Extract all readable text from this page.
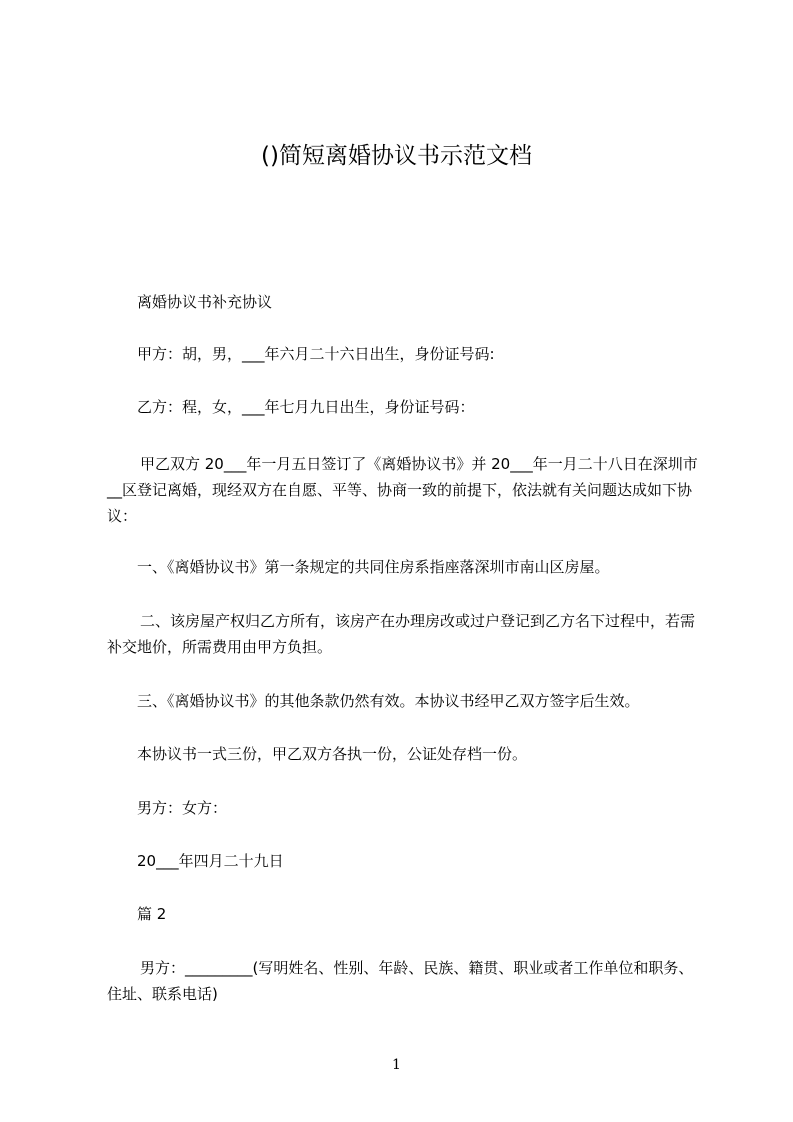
()简短离婚协议书示范文档
离婚协议书补充协议
甲方：胡，男，___年六月二十六日出生，身份证号码:
乙方：程，女，___年七月九日出生，身份证号码：
甲乙双方 20___年一月五日签订了《离婚协议书》并 20___年一月二十八日在深圳市__区登记离婚，现经双方在自愿、平等、协商一致的前提下，依法就有关问题达成如下协议：
一、《离婚协议书》第一条规定的共同住房系指座落深圳市南山区房屋。
二、该房屋产权归乙方所有，该房产在办理房改或过户登记到乙方名下过程中，若需补交地价，所需费用由甲方负担。
三、《离婚协议书》的其他条款仍然有效。本协议书经甲乙双方签字后生效。
本协议书一式三份，甲乙双方各执一份，公证处存档一份。
男方：女方：
20___年四月二十九日
篇 2
男方：_________(写明姓名、性别、年龄、民族、籍贯、职业或者工作单位和职务、住址、联系电话)
1
